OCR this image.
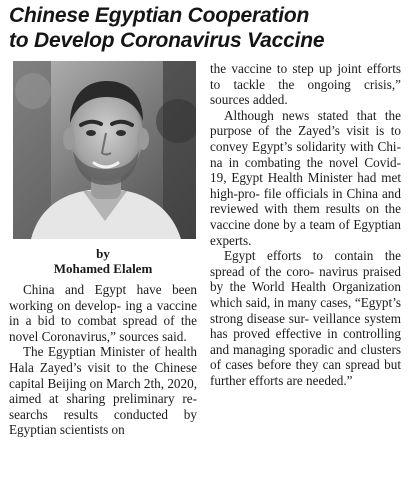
Chinese Egyptian Cooperation
to Develop Coronavirus Vaccine
by
Mohamed Elalem

China and Egypt have been working on develop- ing a vaccine in a bid to combat spread of the novel Coronavirus,” sources said.

The Egyptian Minister of health Hala Zayed’s visit to the Chinese capital Beijing on March 2th, 2020, aimed at sharing preliminary re- searchs results conducted by Egyptian scientists on

the vaccine to step up joint efforts to tackle the ongoing crisis,” sources added.

Although news stated that the purpose of the Zayed’s visit is to convey Egypt’s solidarity with Chi- na in combating the novel Covid-19, Egypt Health Minister had met high-pro- file officials in China and reviewed with them results on the vaccine done by a team of Egyptian experts.

Egypt efforts to contain the spread of the coro- navirus praised by the World Health Organization which said, in many cases, “Egypt’s strong disease sur- veillance system has proved effective in controlling and managing sporadic and clusters of cases before they can spread but further efforts are needed.”
